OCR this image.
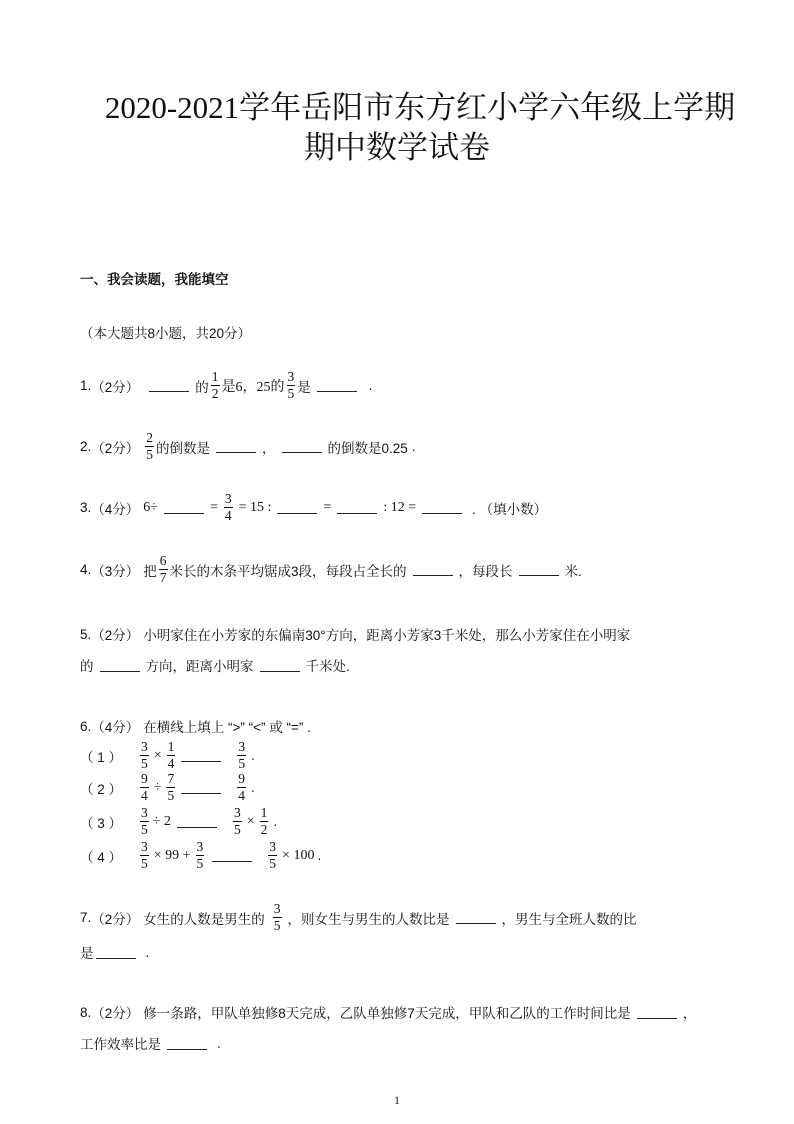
2020-2021学年岳阳市东方红小学六年级上学期
期中数学试卷
一、我会读题，我能填空
（本大题共8小题，共20分）
1. （2分）	的 $\frac{1}{2}$ 是6，25的 $\frac{3}{5}$ 是	.
2. （2分） $\frac{2}{5}$ 的倒数是	，	的倒数是0.25 .
3. （4分） 6÷	= $\frac{3}{4} = 15$ :	=	: 12 =	. （填小数）
4. （3分） 把 $\frac{6}{7}$ 米长的木条平均锯成3段，每段占全长的	，每段长	米.
5. （2分） 小明家住在小芳家的东偏南30°方向，距离小芳家3千米处，那么小芳家住在小明家
的	方向，距离小明家	千米处.
6. （4分） 在横线上填上 “>” “<” 或 “=” .
（ 1 ）	$\frac{3}{5} \times \frac{1}{4}$	$\frac{3}{5}$ .
（ 2 ）	$\frac{9}{4} \div \frac{7}{5}$	$\frac{9}{4}$ .
（ 3 ）	$\frac{3}{5} \div 2$	$\frac{3}{5} \times \frac{1}{2}$ .
（ 4 ）	$\frac{3}{5} \times 99 + \frac{3}{5}$	$\frac{3}{5} \times 100$ .
7. （2分） 女生的人数是男生的 $\frac{3}{5}$ ，则女生与男生的人数比是	，男生与全班人数的比
是	.
8. （2分） 修一条路，甲队单独修8天完成，乙队单独修7天完成，甲队和乙队的工作时间比是	，
工作效率比是	.
1
